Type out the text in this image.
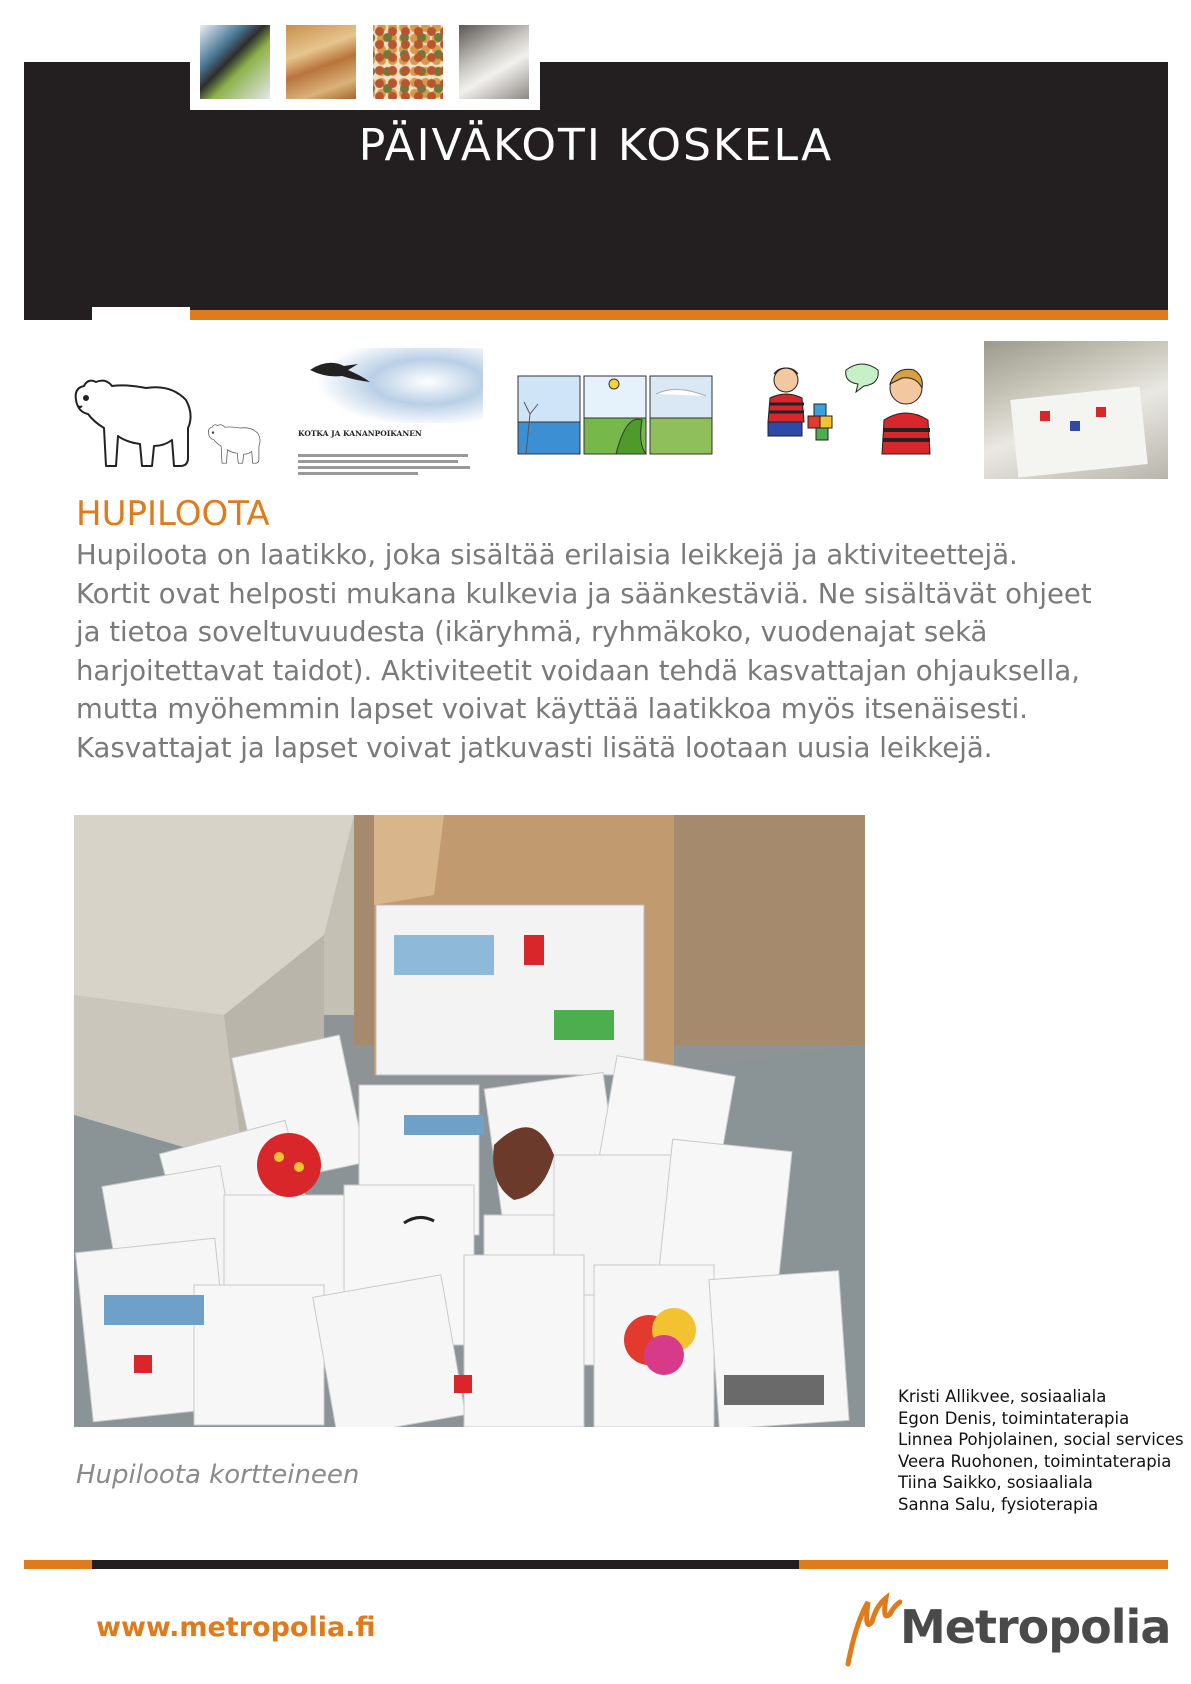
PÄIVÄKOTI KOSKELA
KOTKA JA KANANPOIKANEN
HUPILOOTA
Hupiloota on laatikko, joka sisältää erilaisia leikkejä ja aktiviteettejä.
Kortit ovat helposti mukana kulkevia ja säänkestäviä. Ne sisältävät ohjeet
ja tietoa soveltuvuudesta (ikäryhmä, ryhmäkoko, vuodenajat sekä
harjoitettavat taidot). Aktiviteetit voidaan tehdä kasvattajan ohjauksella,
mutta myöhemmin lapset voivat käyttää laatikkoa myös itsenäisesti.
Kasvattajat ja lapset voivat jatkuvasti lisätä lootaan uusia leikkejä.
Hupiloota kortteineen
Kristi Allikvee, sosiaaliala
Egon Denis, toimintaterapia
Linnea Pohjolainen, social services
Veera Ruohonen, toimintaterapia
Tiina Saikko, sosiaaliala
Sanna Salu, fysioterapia
www.metropolia.fi	Metropolia
